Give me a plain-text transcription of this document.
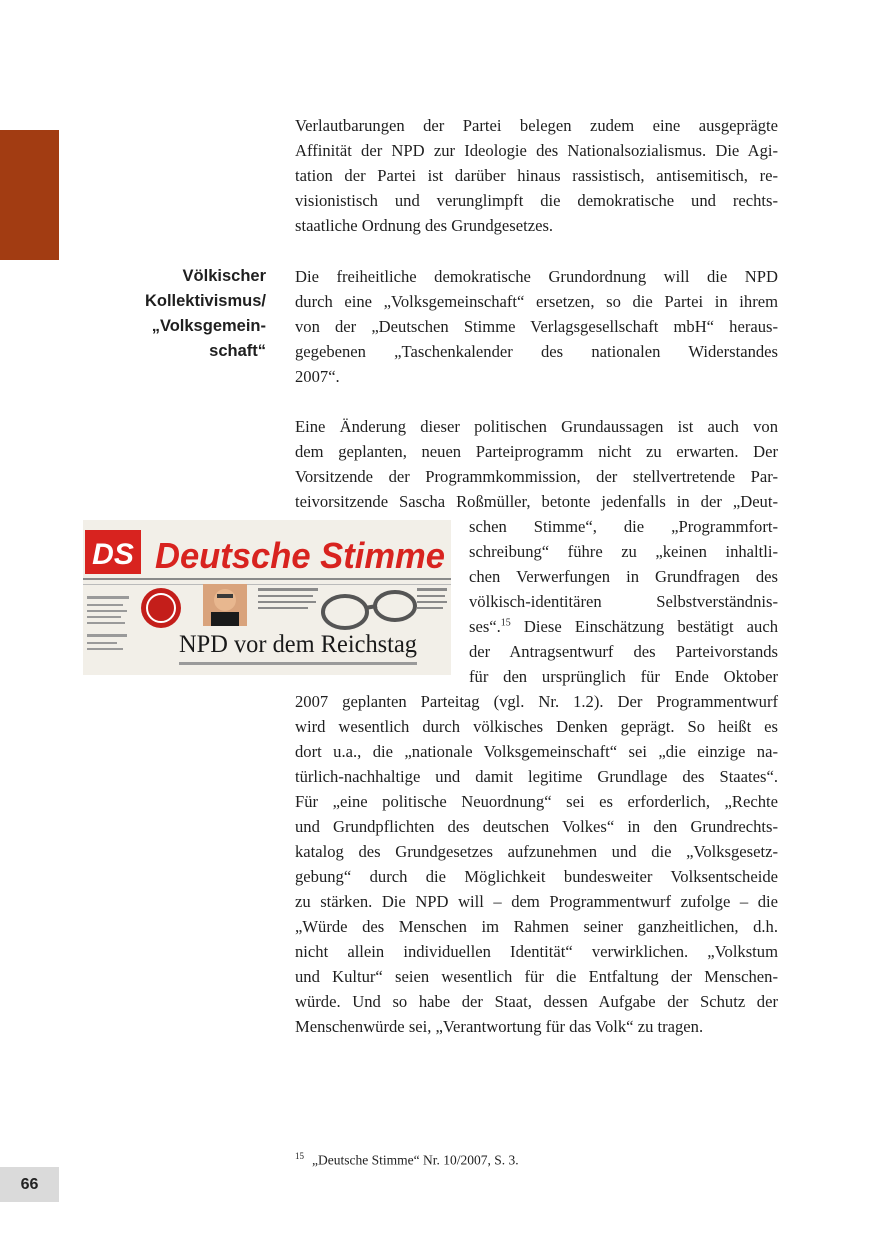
Völkischer
Kollektivismus/
„Volksgemein-
schaft“

Verlautbarungen der Partei belegen zudem eine ausgeprägte
Affinität der NPD zur Ideologie des Nationalsozialismus. Die Agi-
tation der Partei ist darüber hinaus rassistisch, antisemitisch, re-
visionistisch und verunglimpft die demokratische und rechts-
staatliche Ordnung des Grundgesetzes.

Die freiheitliche demokratische Grundordnung will die NPD
durch eine „Volksgemeinschaft“ ersetzen, so die Partei in ihrem
von der „Deutschen Stimme Verlagsgesellschaft mbH“ heraus-
gegebenen „Taschenkalender des nationalen Widerstandes
2007“.

Eine Änderung dieser politischen Grundaussagen ist auch von
dem geplanten, neuen Parteiprogramm nicht zu erwarten. Der
Vorsitzende der Programmkommission, der stellvertretende Par-
teivorsitzende Sascha Roßmüller, betonte jedenfalls in der „Deut-

schen Stimme“, die „Programmfort-
schreibung“ führe zu „keinen inhaltli-
chen Verwerfungen in Grundfragen des
völkisch-identitären Selbstverständnis-
ses“.$^{15}$ Diese Einschätzung bestätigt auch
der Antragsentwurf des Parteivorstands
für den ursprünglich für Ende Oktober

2007 geplanten Parteitag (vgl. Nr. 1.2). Der Programmentwurf
wird wesentlich durch völkisches Denken geprägt. So heißt es
dort u.a., die „nationale Volksgemeinschaft“ sei „die einzige na-
türlich-nachhaltige und damit legitime Grundlage des Staates“.
Für „eine politische Neuordnung“ sei es erforderlich, „Rechte
und Grundpflichten des deutschen Volkes“ in den Grundrechts-
katalog des Grundgesetzes aufzunehmen und die „Volksgesetz-
gebung“ durch die Möglichkeit bundesweiter Volksentscheide
zu stärken. Die NPD will – dem Programmentwurf zufolge – die
„Würde des Menschen im Rahmen seiner ganzheitlichen, d.h.
nicht allein individuellen Identität“ verwirklichen. „Volkstum
und Kultur“ seien wesentlich für die Entfaltung der Menschen-
würde. Und so habe der Staat, dessen Aufgabe der Schutz der
Menschenwürde sei, „Verantwortung für das Volk“ zu tragen.

DS Deutsche Stimme
NPD vor dem Reichstag
$^{15}$ „Deutsche Stimme“ Nr. 10/2007, S. 3.
66
